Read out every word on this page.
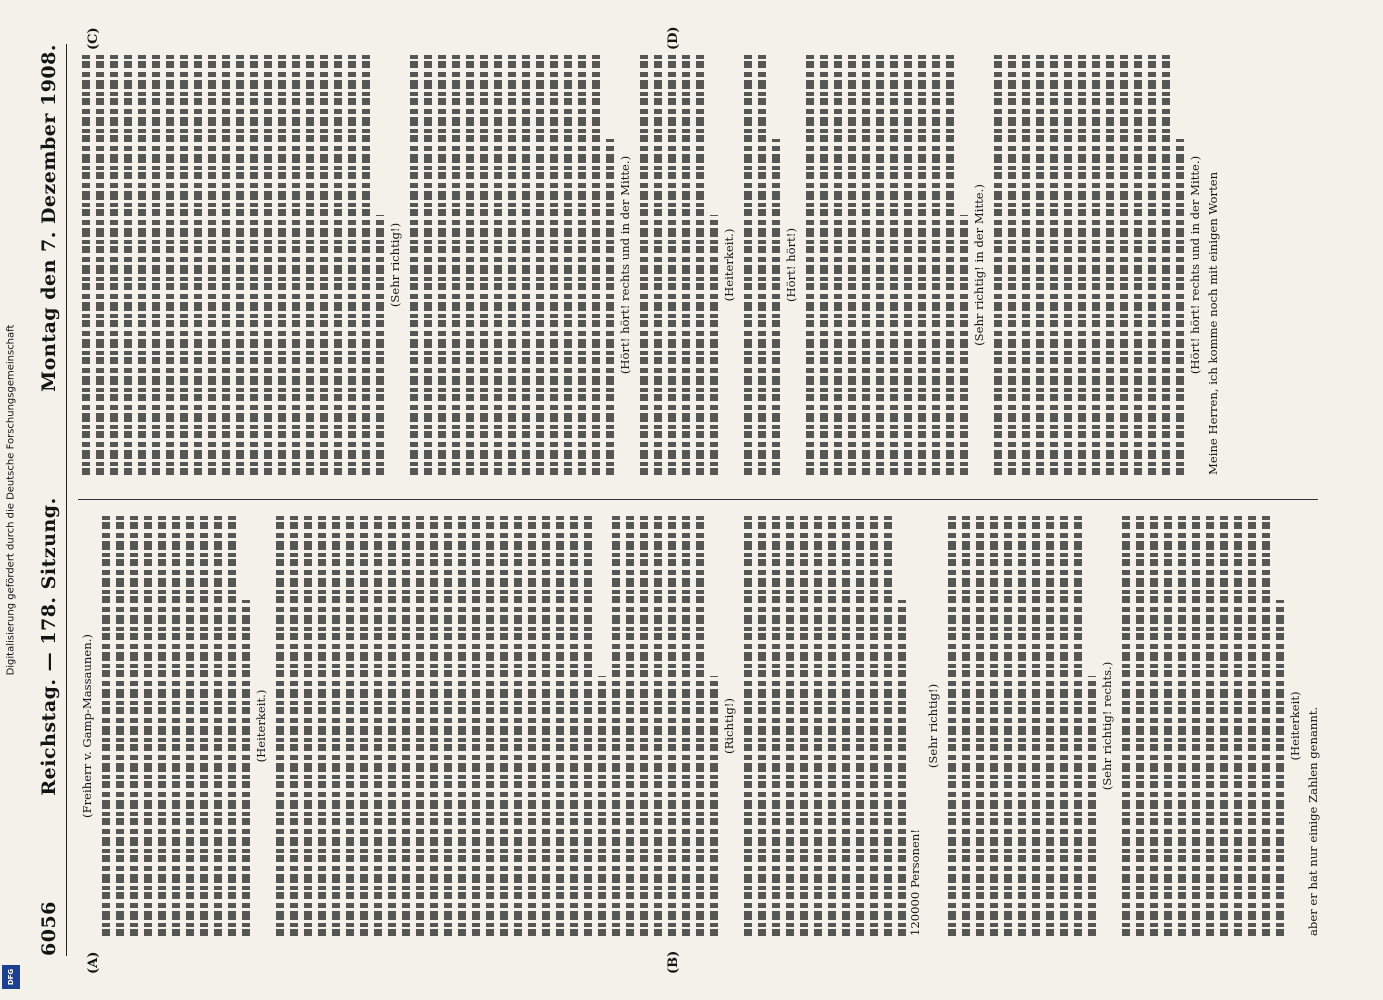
Digitalisierung gefördert durch die Deutsche Forschungsgemeinschaft
DFG
6056
Reichstag. — 178. Sitzung.
Montag den 7. Dezember 1908.
(A)	(B)
(C)	(D)

(Freiherr v. Gamp-Massaunen.)	(Heiterkeit.)	(Richtig!)

120000 Personen!

(Sehr richtig!)	(Sehr richtig! rechts.)	(Heiterkeit) aber er hat nur einige Zahlen genannt.

(Sehr richtig!)	(Hört! hört! rechts und in der Mitte.)	(Heiterkeit.)	(Hört! hört!)	(Sehr richtig! in der Mitte.)	(Hört! hört! rechts und in der Mitte.) Meine Herren, ich komme noch mit einigen Worten
